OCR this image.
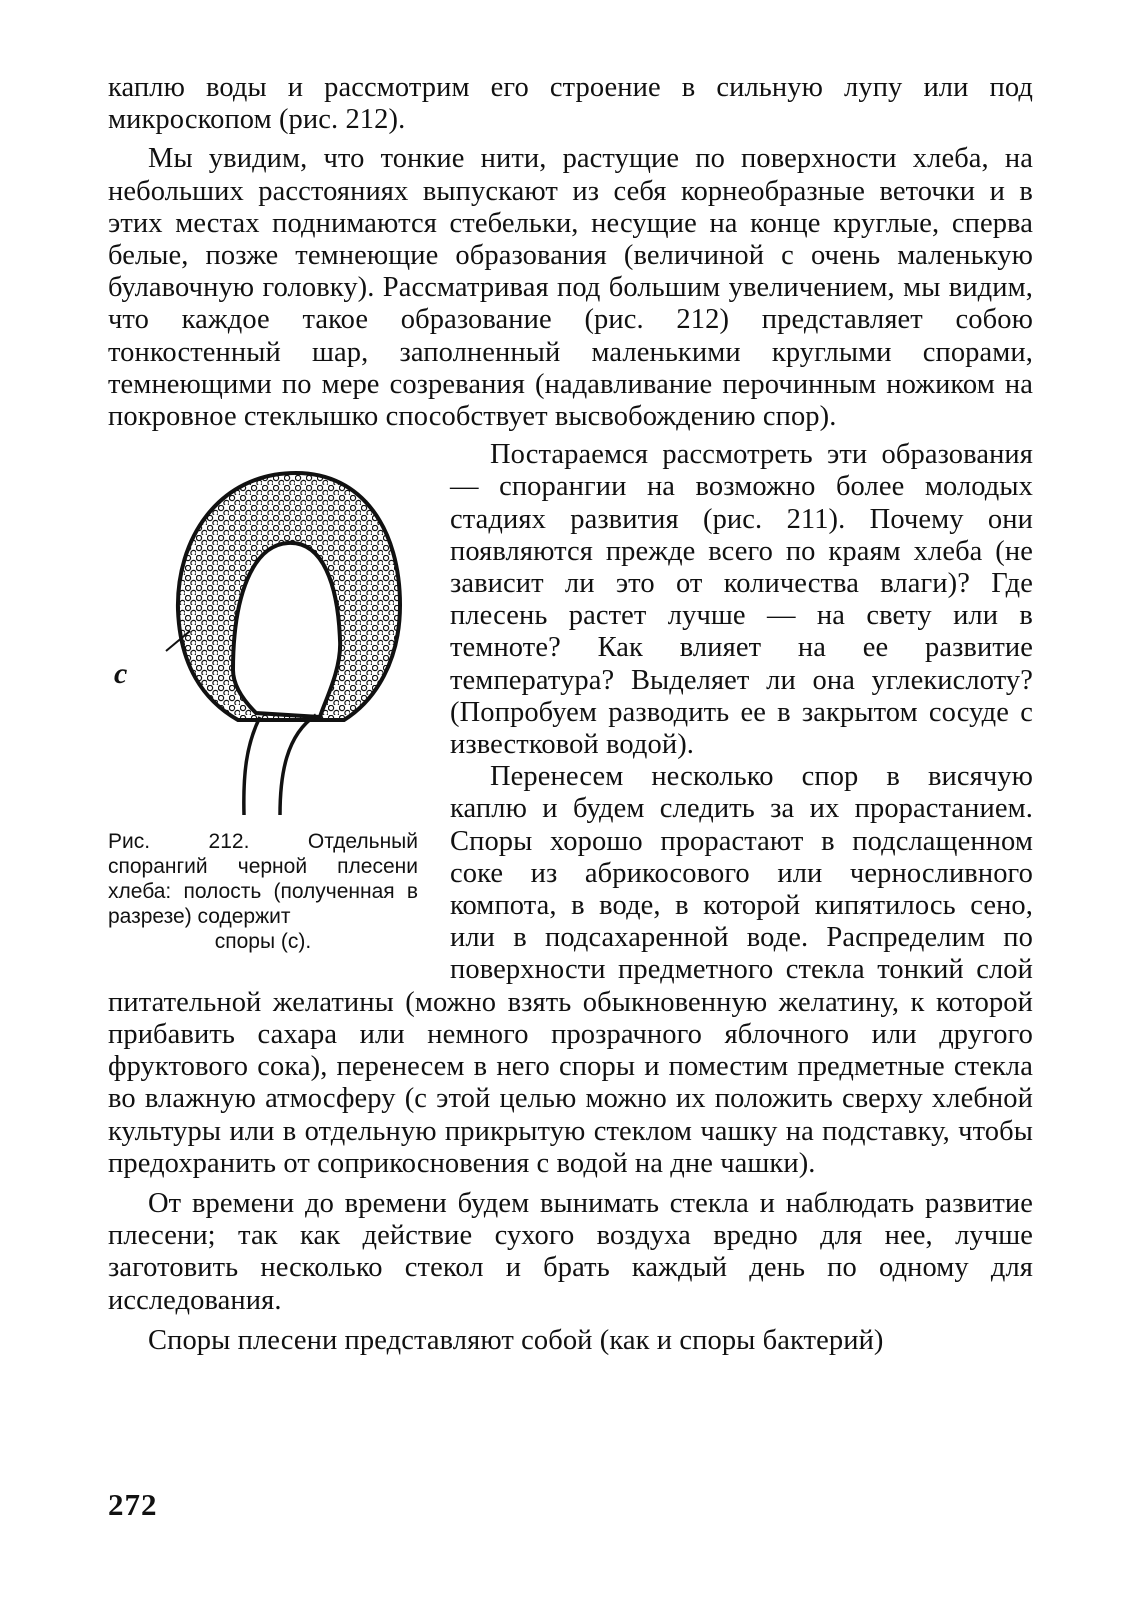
каплю воды и рассмотрим его строение в сильную лупу или под микроскопом (рис. 212).

Мы увидим, что тонкие нити, растущие по поверхности хлеба, на небольших расстояниях выпускают из себя корнеобразные веточки и в этих местах поднимаются стебельки, несущие на конце круглые, сперва белые, позже темнеющие образования (величиной с очень маленькую булавочную головку). Рассматривая под большим увеличением, мы видим, что каждое такое образование (рис. 212) представляет собою тонкостенный шар, заполненный маленькими круглыми спорами, темнеющими по мере созревания (надавливание перочинным ножиком на покровное стеклышко способствует высвобождению спор).

с
Рис. 212. Отдельный спорангий черной плесени хлеба: полость (полученная в разрезе) содержит
споры (с).

Постараемся рассмотреть эти образования — спорангии на возможно более молодых стадиях развития (рис. 211). Почему они появляются прежде всего по краям хлеба (не зависит ли это от количества влаги)? Где плесень растет лучше — на свету или в темноте? Как влияет на ее развитие температура? Выделяет ли она углекислоту? (Попробуем разводить ее в закрытом сосуде с известковой водой).

Перенесем несколько спор в висячую каплю и будем следить за их прорастанием. Споры хорошо прорастают в подслащенном соке из абрикосового или черносливного компота, в воде, в которой кипятилось сено, или в подсахаренной воде. Распределим по поверхности предметного стекла тонкий слой питательной желатины (можно взять обыкновенную желатину, к которой прибавить сахара или немного прозрачного яблочного или другого фруктового сока), перенесем в него споры и поместим предметные стекла во влажную атмосферу (с этой целью можно их положить сверху хлебной культуры или в отдельную прикрытую стеклом чашку на подставку, чтобы предохранить от соприкосновения с водой на дне чашки).

От времени до времени будем вынимать стекла и наблюдать развитие плесени; так как действие сухого воздуха вредно для нее, лучше заготовить несколько стекол и брать каждый день по одному для исследования.

Споры плесени представляют собой (как и споры бактерий)

272
